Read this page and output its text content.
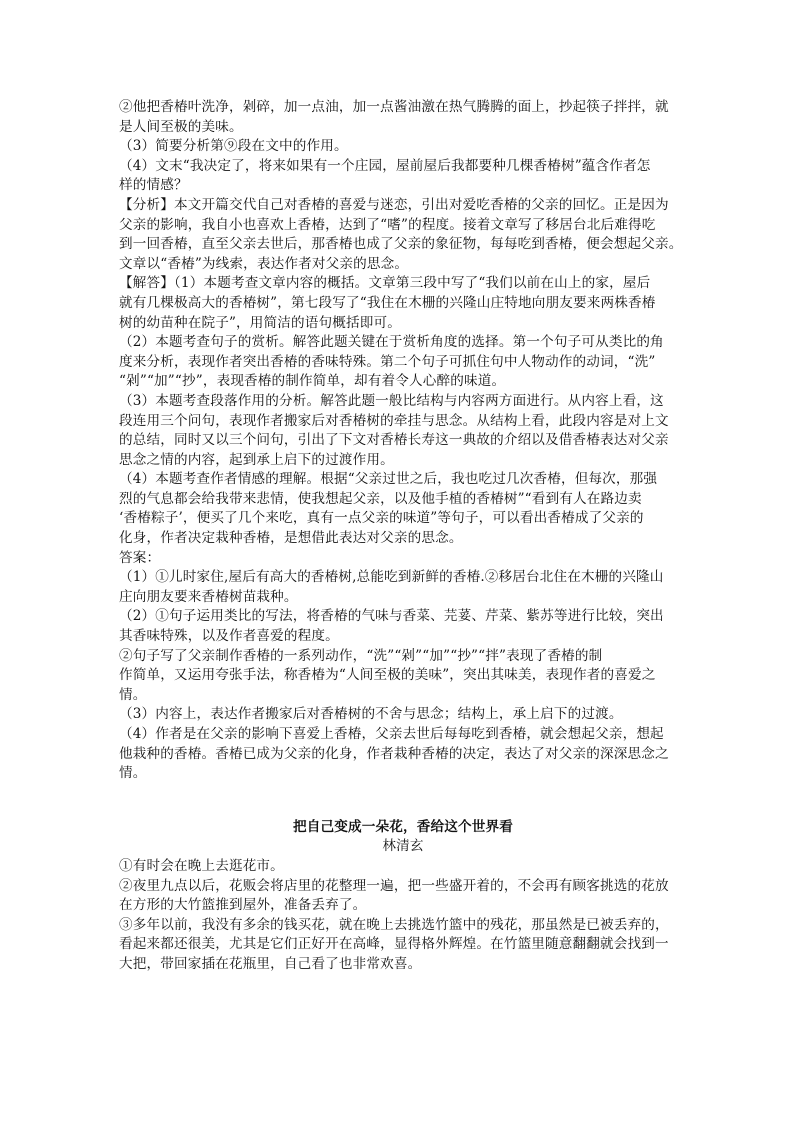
②他把香椿叶洗净，剁碎，加一点油，加一点酱油激在热气腾腾的面上，抄起筷子拌拌，就

是人间至极的美味。

（3）简要分析第⑨段在文中的作用。

（4）文末“我决定了，将来如果有一个庄园，屋前屋后我都要种几棵香椿树”蕴含作者怎

样的情感？

【分析】本文开篇交代自己对香椿的喜爱与迷恋，引出对爱吃香椿的父亲的回忆。正是因为

父亲的影响，我自小也喜欢上香椿，达到了“嗜”的程度。接着文章写了移居台北后难得吃

到一回香椿，直至父亲去世后，那香椿也成了父亲的象征物，每每吃到香椿，便会想起父亲。

文章以“香椿”为线索，表达作者对父亲的思念。

【解答】（1）本题考查文章内容的概括。文章第三段中写了“我们以前在山上的家，屋后

就有几棵极高大的香椿树”，第七段写了“我住在木栅的兴隆山庄特地向朋友要来两株香椿

树的幼苗种在院子”，用简洁的语句概括即可。

（2）本题考查句子的赏析。解答此题关键在于赏析角度的选择。第一个句子可从类比的角

度来分析，表现作者突出香椿的香味特殊。第二个句子可抓住句中人物动作的动词，“洗”

“剁”“加”“抄”，表现香椿的制作简单，却有着令人心醉的味道。

（3）本题考查段落作用的分析。解答此题一般比结构与内容两方面进行。从内容上看，这

段连用三个问句，表现作者搬家后对香椿树的牵挂与思念。从结构上看，此段内容是对上文

的总结，同时又以三个问句，引出了下文对香椿长寿这一典故的介绍以及借香椿表达对父亲

思念之情的内容，起到承上启下的过渡作用。

（4）本题考查作者情感的理解。根据“父亲过世之后，我也吃过几次香椿，但每次，那强

烈的气息都会给我带来悲情，使我想起父亲，以及他手植的香椿树”“看到有人在路边卖

‘香椿粽子’，便买了几个来吃，真有一点父亲的味道”等句子，可以看出香椿成了父亲的

化身，作者决定栽种香椿，是想借此表达对父亲的思念。

答案：

（1）①儿时家住,屋后有高大的香椿树,总能吃到新鲜的香椿.②移居台北住在木栅的兴隆山

庄向朋友要来香椿树苗栽种。

（2）①句子运用类比的写法，将香椿的气味与香菜、芫荽、芹菜、紫苏等进行比较，突出

其香味特殊，以及作者喜爱的程度。

②句子写了父亲制作香椿的一系列动作，“洗”“剁”“加”“抄”“拌”表现了香椿的制

作简单，又运用夸张手法，称香椿为“人间至极的美味”，突出其味美，表现作者的喜爱之

情。

（3）内容上，表达作者搬家后对香椿树的不舍与思念；结构上，承上启下的过渡。

（4）作者是在父亲的影响下喜爱上香椿，父亲去世后每每吃到香椿，就会想起父亲，想起

他栽种的香椿。香椿已成为父亲的化身，作者栽种香椿的决定，表达了对父亲的深深思念之

情。

把自己变成一朵花，香给这个世界看

林清玄

①有时会在晚上去逛花市。

②夜里九点以后，花贩会将店里的花整理一遍，把一些盛开着的，不会再有顾客挑选的花放

在方形的大竹篮推到屋外，准备丢弃了。

③多年以前，我没有多余的钱买花，就在晚上去挑选竹篮中的残花，那虽然是已被丢弃的，

看起来都还很美，尤其是它们正好开在高峰，显得格外辉煌。在竹篮里随意翻翻就会找到一

大把，带回家插在花瓶里，自己看了也非常欢喜。
